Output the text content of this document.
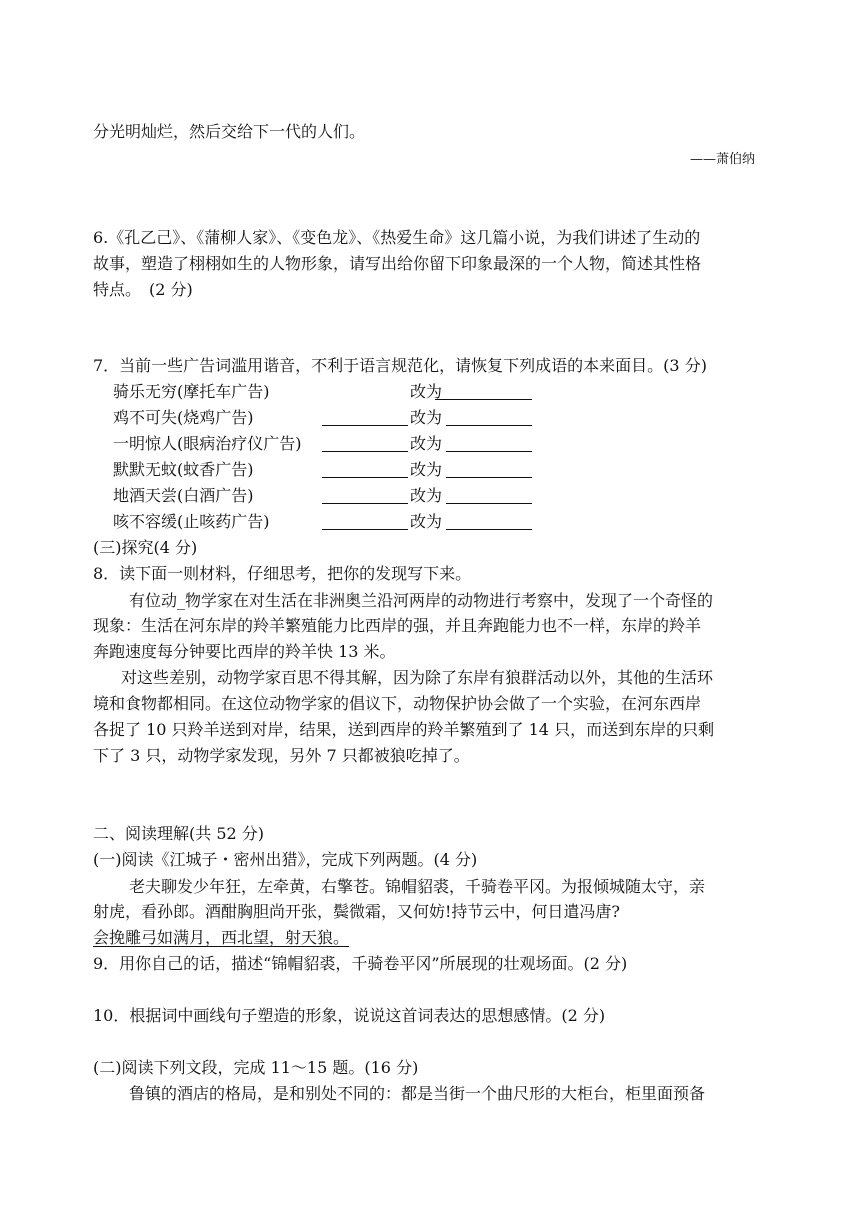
分光明灿烂，然后交给下一代的人们。
——萧伯纳
6.《孔乙己》、《蒲柳人家》、《变色龙》、《热爱生命》这几篇小说，为我们讲述了生动的
故事，塑造了栩栩如生的人物形象，请写出给你留下印象最深的一个人物，简述其性格
特点。　(2 分)
7．当前一些广告词滥用谐音，不利于语言规范化，请恢复下列成语的本来面目。(3 分)
骑乐无穷(摩托车广告)	改为
鸡不可失(烧鸡广告)	改为
一明惊人(眼病治疗仪广告)	改为
默默无蚊(蚊香广告)	改为
地酒天尝(白酒广告)	改为
咳不容缓(止咳药广告)	改为
(三)探究(4 分)
8．读下面一则材料，仔细思考，把你的发现写下来。
有位动_物学家在对生活在非洲奥兰沿河两岸的动物进行考察中，发现了一个奇怪的
现象：生活在河东岸的羚羊繁殖能力比西岸的强，并且奔跑能力也不一样，东岸的羚羊
奔跑速度每分钟要比西岸的羚羊快 13 米。
对这些差别，动物学家百思不得其解，因为除了东岸有狼群活动以外，其他的生活环
境和食物都相同。在这位动物学家的倡议下，动物保护协会做了一个实验，在河东西岸
各捉了 10 只羚羊送到对岸，结果，送到西岸的羚羊繁殖到了 14 只，而送到东岸的只剩
下了 3 只，动物学家发现，另外 7 只都被狼吃掉了。
二、阅读理解(共 52 分)
(一)阅读《江城子・密州出猎》，完成下列两题。(4 分)
老夫聊发少年狂，左牵黄，右擎苍。锦帽貂裘，千骑卷平冈。为报倾城随太守，亲
射虎，看孙郎。酒酣胸胆尚开张，鬓微霜，又何妨!持节云中，何日遣冯唐?
会挽雕弓如满月，西北望，射天狼。
9．用你自己的话，描述“锦帽貂裘，千骑卷平冈”所展现的壮观场面。(2 分)
10．根据词中画线句子塑造的形象，说说这首词表达的思想感情。(2 分)
(二)阅读下列文段，完成 11～15 题。(16 分)
鲁镇的酒店的格局，是和别处不同的：都是当街一个曲尺形的大柜台，柜里面预备
